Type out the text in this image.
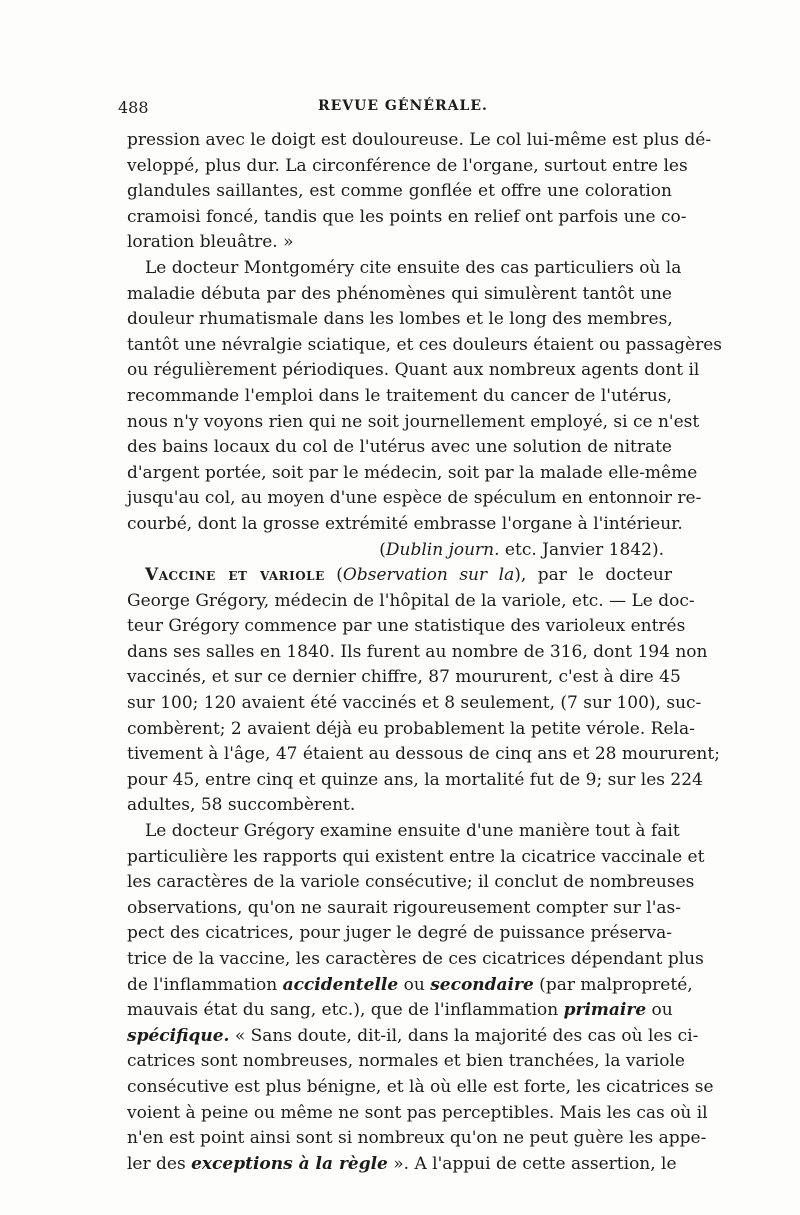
488	REVUE GÉNÉRALE.
pression avec le doigt est douloureuse. Le col lui-même est plus dé-
veloppé, plus dur. La circonférence de l'organe, surtout entre les
glandules saillantes, est comme gonflée et offre une coloration
cramoisi foncé, tandis que les points en relief ont parfois une co-
loration bleuâtre. »
Le docteur Montgoméry cite ensuite des cas particuliers où la
maladie débuta par des phénomènes qui simulèrent tantôt une
douleur rhumatismale dans les lombes et le long des membres,
tantôt une névralgie sciatique, et ces douleurs étaient ou passagères
ou régulièrement périodiques. Quant aux nombreux agents dont il
recommande l'emploi dans le traitement du cancer de l'utérus,
nous n'y voyons rien qui ne soit journellement employé, si ce n'est
des bains locaux du col de l'utérus avec une solution de nitrate
d'argent portée, soit par le médecin, soit par la malade elle-même
jusqu'au col, au moyen d'une espèce de spéculum en entonnoir re-
courbé, dont la grosse extrémité embrasse l'organe à l'intérieur.
(Dublin journ. etc. Janvier 1842).
Vaccine et variole (Observation sur la), par le docteur
George Grégory, médecin de l'hôpital de la variole, etc. — Le doc-
teur Grégory commence par une statistique des varioleux entrés
dans ses salles en 1840. Ils furent au nombre de 316, dont 194 non
vaccinés, et sur ce dernier chiffre, 87 moururent, c'est à dire 45
sur 100; 120 avaient été vaccinés et 8 seulement, (7 sur 100), suc-
combèrent; 2 avaient déjà eu probablement la petite vérole. Rela-
tivement à l'âge, 47 étaient au dessous de cinq ans et 28 moururent;
pour 45, entre cinq et quinze ans, la mortalité fut de 9; sur les 224
adultes, 58 succombèrent.
Le docteur Grégory examine ensuite d'une manière tout à fait
particulière les rapports qui existent entre la cicatrice vaccinale et
les caractères de la variole consécutive; il conclut de nombreuses
observations, qu'on ne saurait rigoureusement compter sur l'as-
pect des cicatrices, pour juger le degré de puissance préserva-
trice de la vaccine, les caractères de ces cicatrices dépendant plus
de l'inflammation accidentelle ou secondaire (par malpropreté,
mauvais état du sang, etc.), que de l'inflammation primaire ou
spécifique. « Sans doute, dit-il, dans la majorité des cas où les ci-
catrices sont nombreuses, normales et bien tranchées, la variole
consécutive est plus bénigne, et là où elle est forte, les cicatrices se
voient à peine ou même ne sont pas perceptibles. Mais les cas où il
n'en est point ainsi sont si nombreux qu'on ne peut guère les appe-
ler des exceptions à la règle ». A l'appui de cette assertion, le
